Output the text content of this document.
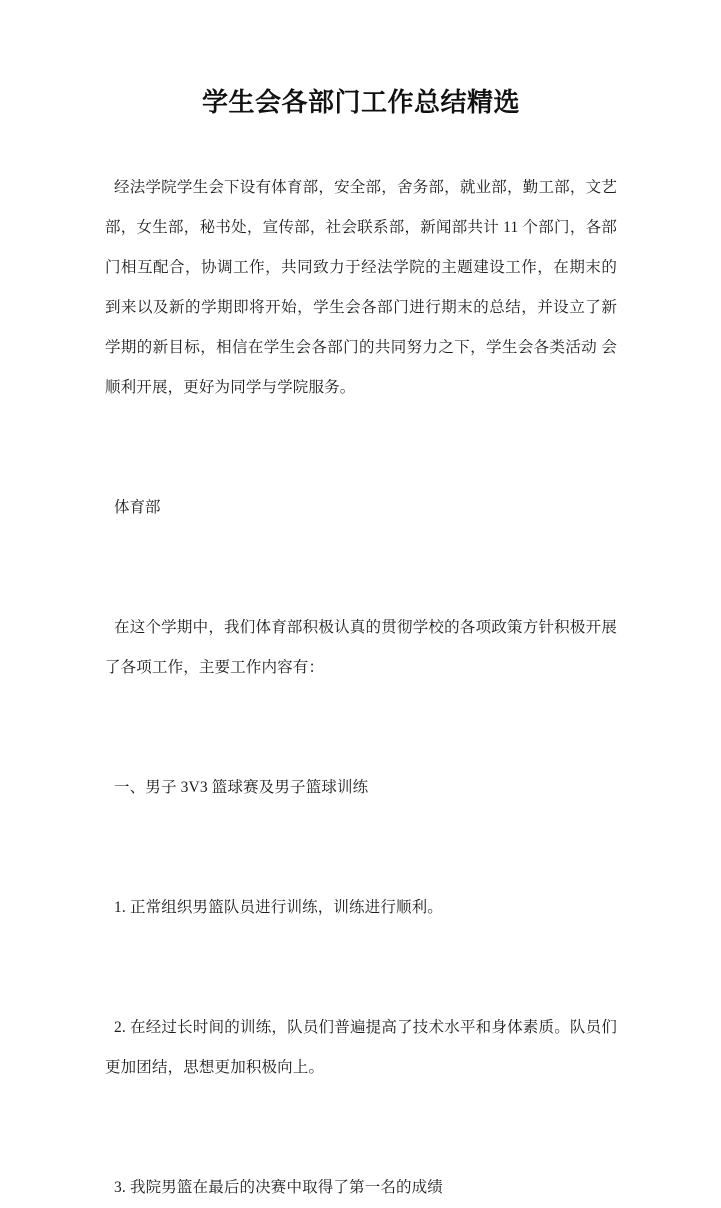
学生会各部门工作总结精选

经法学院学生会下设有体育部，安全部，舍务部，就业部，勤工部，文艺部，女生部，秘书处，宣传部，社会联系部，新闻部共计 11 个部门，各部门相互配合，协调工作，共同致力于经法学院的主题建设工作，在期末的到来以及新的学期即将开始，学生会各部门进行期末的总结，并设立了新学期的新目标，相信在学生会各部门的共同努力之下，学生会各类活动 会顺利开展，更好为同学与学院服务。

体育部

在这个学期中，我们体育部积极认真的贯彻学校的各项政策方针积极开展了各项工作，主要工作内容有：

一、男子 3V3 篮球赛及男子篮球训练

1. 正常组织男篮队员进行训练，训练进行顺利。

2. 在经过长时间的训练，队员们普遍提高了技术水平和身体素质。队员们更加团结，思想更加积极向上。

3. 我院男篮在最后的决赛中取得了第一名的成绩
